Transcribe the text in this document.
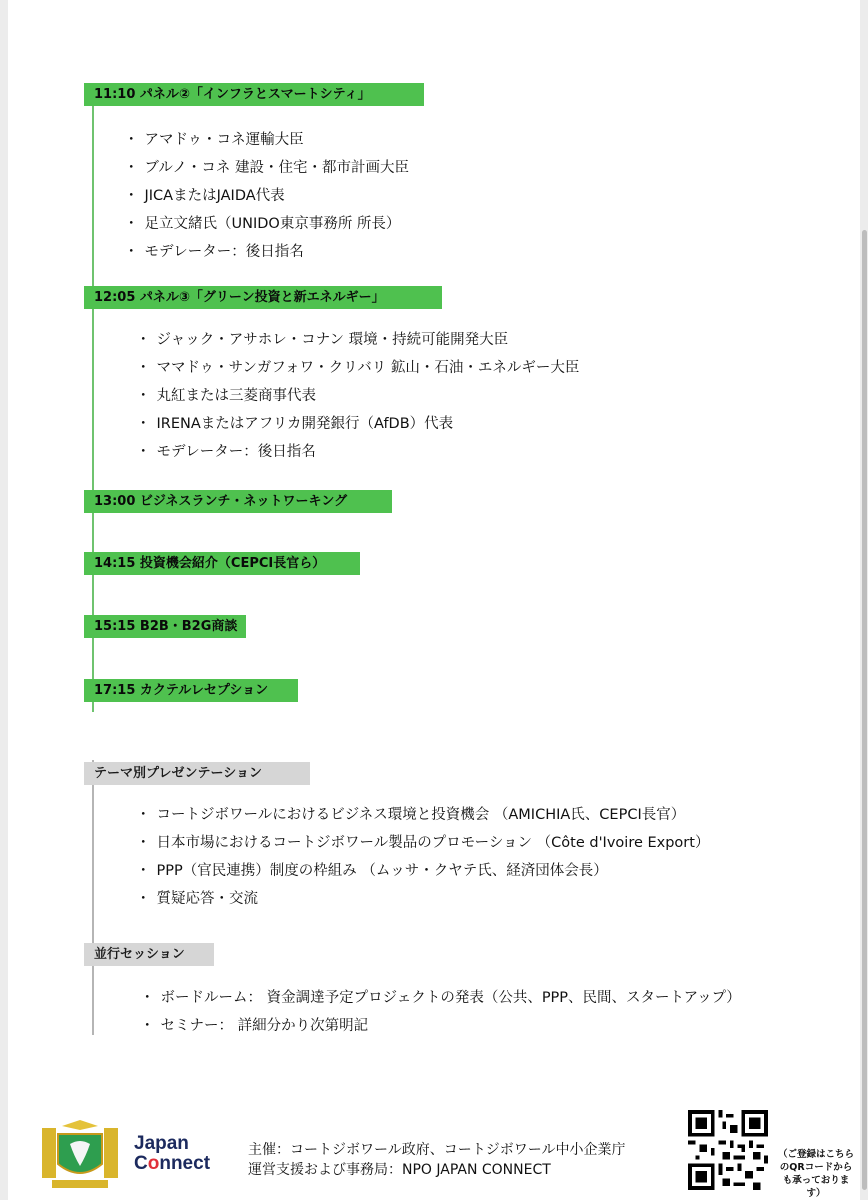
11:10 パネル②「インフラとスマートシティ」
・ アマドゥ・コネ運輸大臣
・ ブルノ・コネ 建設・住宅・都市計画大臣
・ JICAまたはJAIDA代表
・ 足立文緒氏（UNIDO東京事務所 所長）
・ モデレーター：後日指名
12:05 パネル③「グリーン投資と新エネルギー」
・ ジャック・アサホレ・コナン 環境・持続可能開発大臣
・ ママドゥ・サンガフォワ・クリバリ 鉱山・石油・エネルギー大臣
・ 丸紅または三菱商事代表
・ IRENAまたはアフリカ開発銀行（AfDB）代表
・ モデレーター：後日指名
13:00 ビジネスランチ・ネットワーキング
14:15 投資機会紹介（CEPCI長官ら）
15:15 B2B・B2G商談
17:15 カクテルレセプション
テーマ別プレゼンテーション
・ コートジボワールにおけるビジネス環境と投資機会 （AMICHIA氏、CEPCI長官）
・ 日本市場におけるコートジボワール製品のプロモーション （Côte d'Ivoire Export）
・ PPP（官民連携）制度の枠組み （ムッサ・クヤテ氏、経済団体会長）
・ 質疑応答・交流
並行セッション
・ ボードルーム： 資金調達予定プロジェクトの発表（公共、PPP、民間、スタートアップ）
・ セミナー： 詳細分かり次第明記
Japan
Connect
主催：コートジボワール政府、コートジボワール中小企業庁
運営支援および事務局：NPO JAPAN CONNECT
（ご登録はこちらのQRコードからも承っております）
